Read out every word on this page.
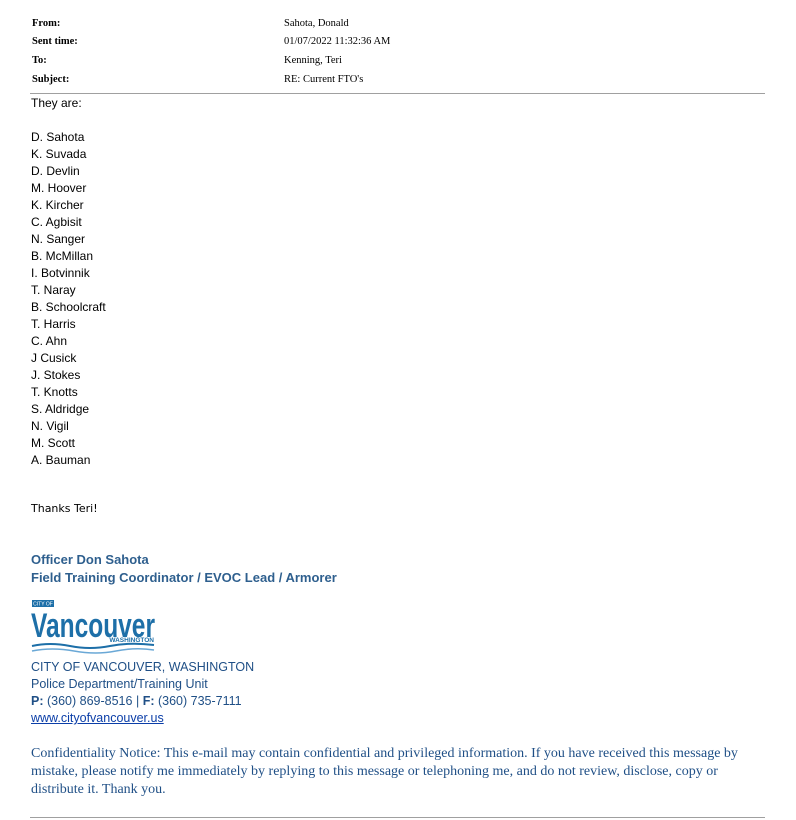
From:	Sahota, Donald
Sent time:	01/07/2022 11:32:36 AM
To:	Kenning, Teri
Subject:	RE: Current FTO's
They are:
D. Sahota
K. Suvada
D. Devlin
M. Hoover
K. Kircher
C. Agbisit
N. Sanger
B. McMillan
I. Botvinnik
T. Naray
B. Schoolcraft
T. Harris
C. Ahn
J Cusick
J. Stokes
T. Knotts
S. Aldridge
N. Vigil
M. Scott
A. Bauman
Thanks Teri!
Officer Don Sahota
Field Training Coordinator / EVOC Lead / Armorer
CITY OF
Vancouver
WASHINGTON
CITY OF VANCOUVER, WASHINGTON
Police Department/Training Unit
P: (360) 869-8516 | F: (360) 735-7111
www.cityofvancouver.us
Confidentiality Notice: This e-mail may contain confidential and privileged information. If you have received this message by mistake, please notify me immediately by replying to this message or telephoning me, and do not review, disclose, copy or distribute it. Thank you.
